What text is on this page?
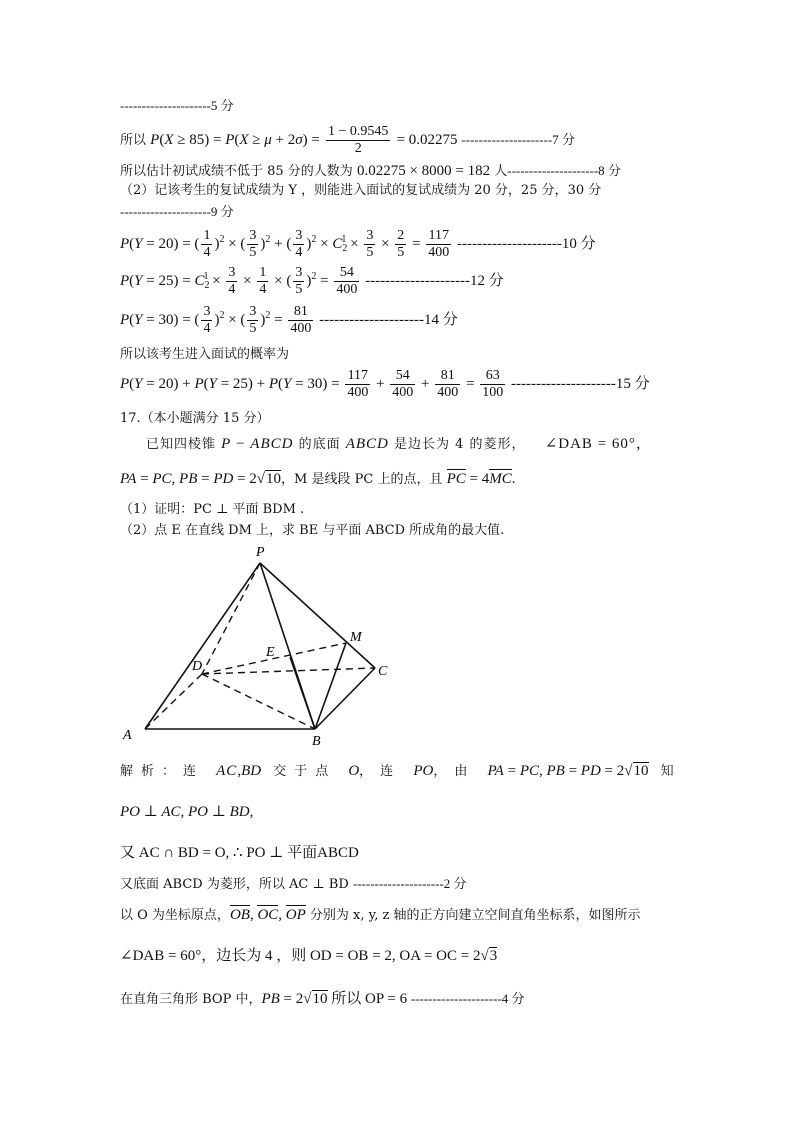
---------------------5 分
所以 $P(X \ge 85) = P(X \ge \mu + 2\sigma) = \frac{1 - 0.9545}{2} = 0.02275$ ---------------------7 分
所以估计初试成绩不低于 85 分的人数为 0.02275 × 8000 = 182 人---------------------8 分
（2）记该考生的复试成绩为 Y ，则能进入面试的复试成绩为 20 分，25 分，30 分
---------------------9 分
P(Y = 20) = ( $\frac{1}{4} )^2$ × ( $\frac{3}{5} )^2$ + ( $\frac{3}{4} )^2 \times C_2^1 \times \frac{3}{5} \times \frac{2}{5} = \frac{117}{400} ---------------------10$ 分
$P(Y = 25) = C_2^1 \times \frac{3}{4} \times \frac{1}{4}$ × ( $\frac{3}{5} )^2 = \frac{54}{400} ---------------------12$ 分
P(Y = 30) = ( $\frac{3}{4} )^2$ × ( $\frac{3}{5} )^2 = \frac{81}{400} ---------------------14$ 分
所以该考生进入面试的概率为
$P(Y = 20) + P(Y = 25) + P(Y = 30) = \frac{117}{400} + \frac{54}{400} + \frac{81}{400} = \frac{63}{100} ---------------------15$ 分
17.（本小题满分 15 分）
已知四棱锥 P − ABCD 的底面 ABCD 是边长为 4 的菱形， ∠DAB = 60°，
PA = PC, PB = PD = 2√10，M 是线段 PC 上的点，且 PC = 4MC.
（1）证明：PC ⊥ 平面 BDM .
（2）点 E 在直线 DM 上，求 BE 与平面 ABCD 所成角的最大值.
P
M
E
D	C
A	B
解析：连 AC,BD 交于点 O，连 PO，由 PA = PC, PB = PD = 2√10 知
PO ⊥ AC, PO ⊥ BD,
又 AC ∩ BD = O, ∴ PO ⊥ 平面ABCD
又底面 ABCD 为菱形，所以 AC ⊥ BD ---------------------2 分
以 O 为坐标原点，OB, OC, OP 分别为 x, y, z 轴的正方向建立空间直角坐标系，如图所示
∠DAB = 60°，边长为 4 ，则 OD = OB = 2, OA = OC = 2√3
在直角三角形 BOP 中，PB = 2√10 所以 OP = 6 ---------------------4 分
